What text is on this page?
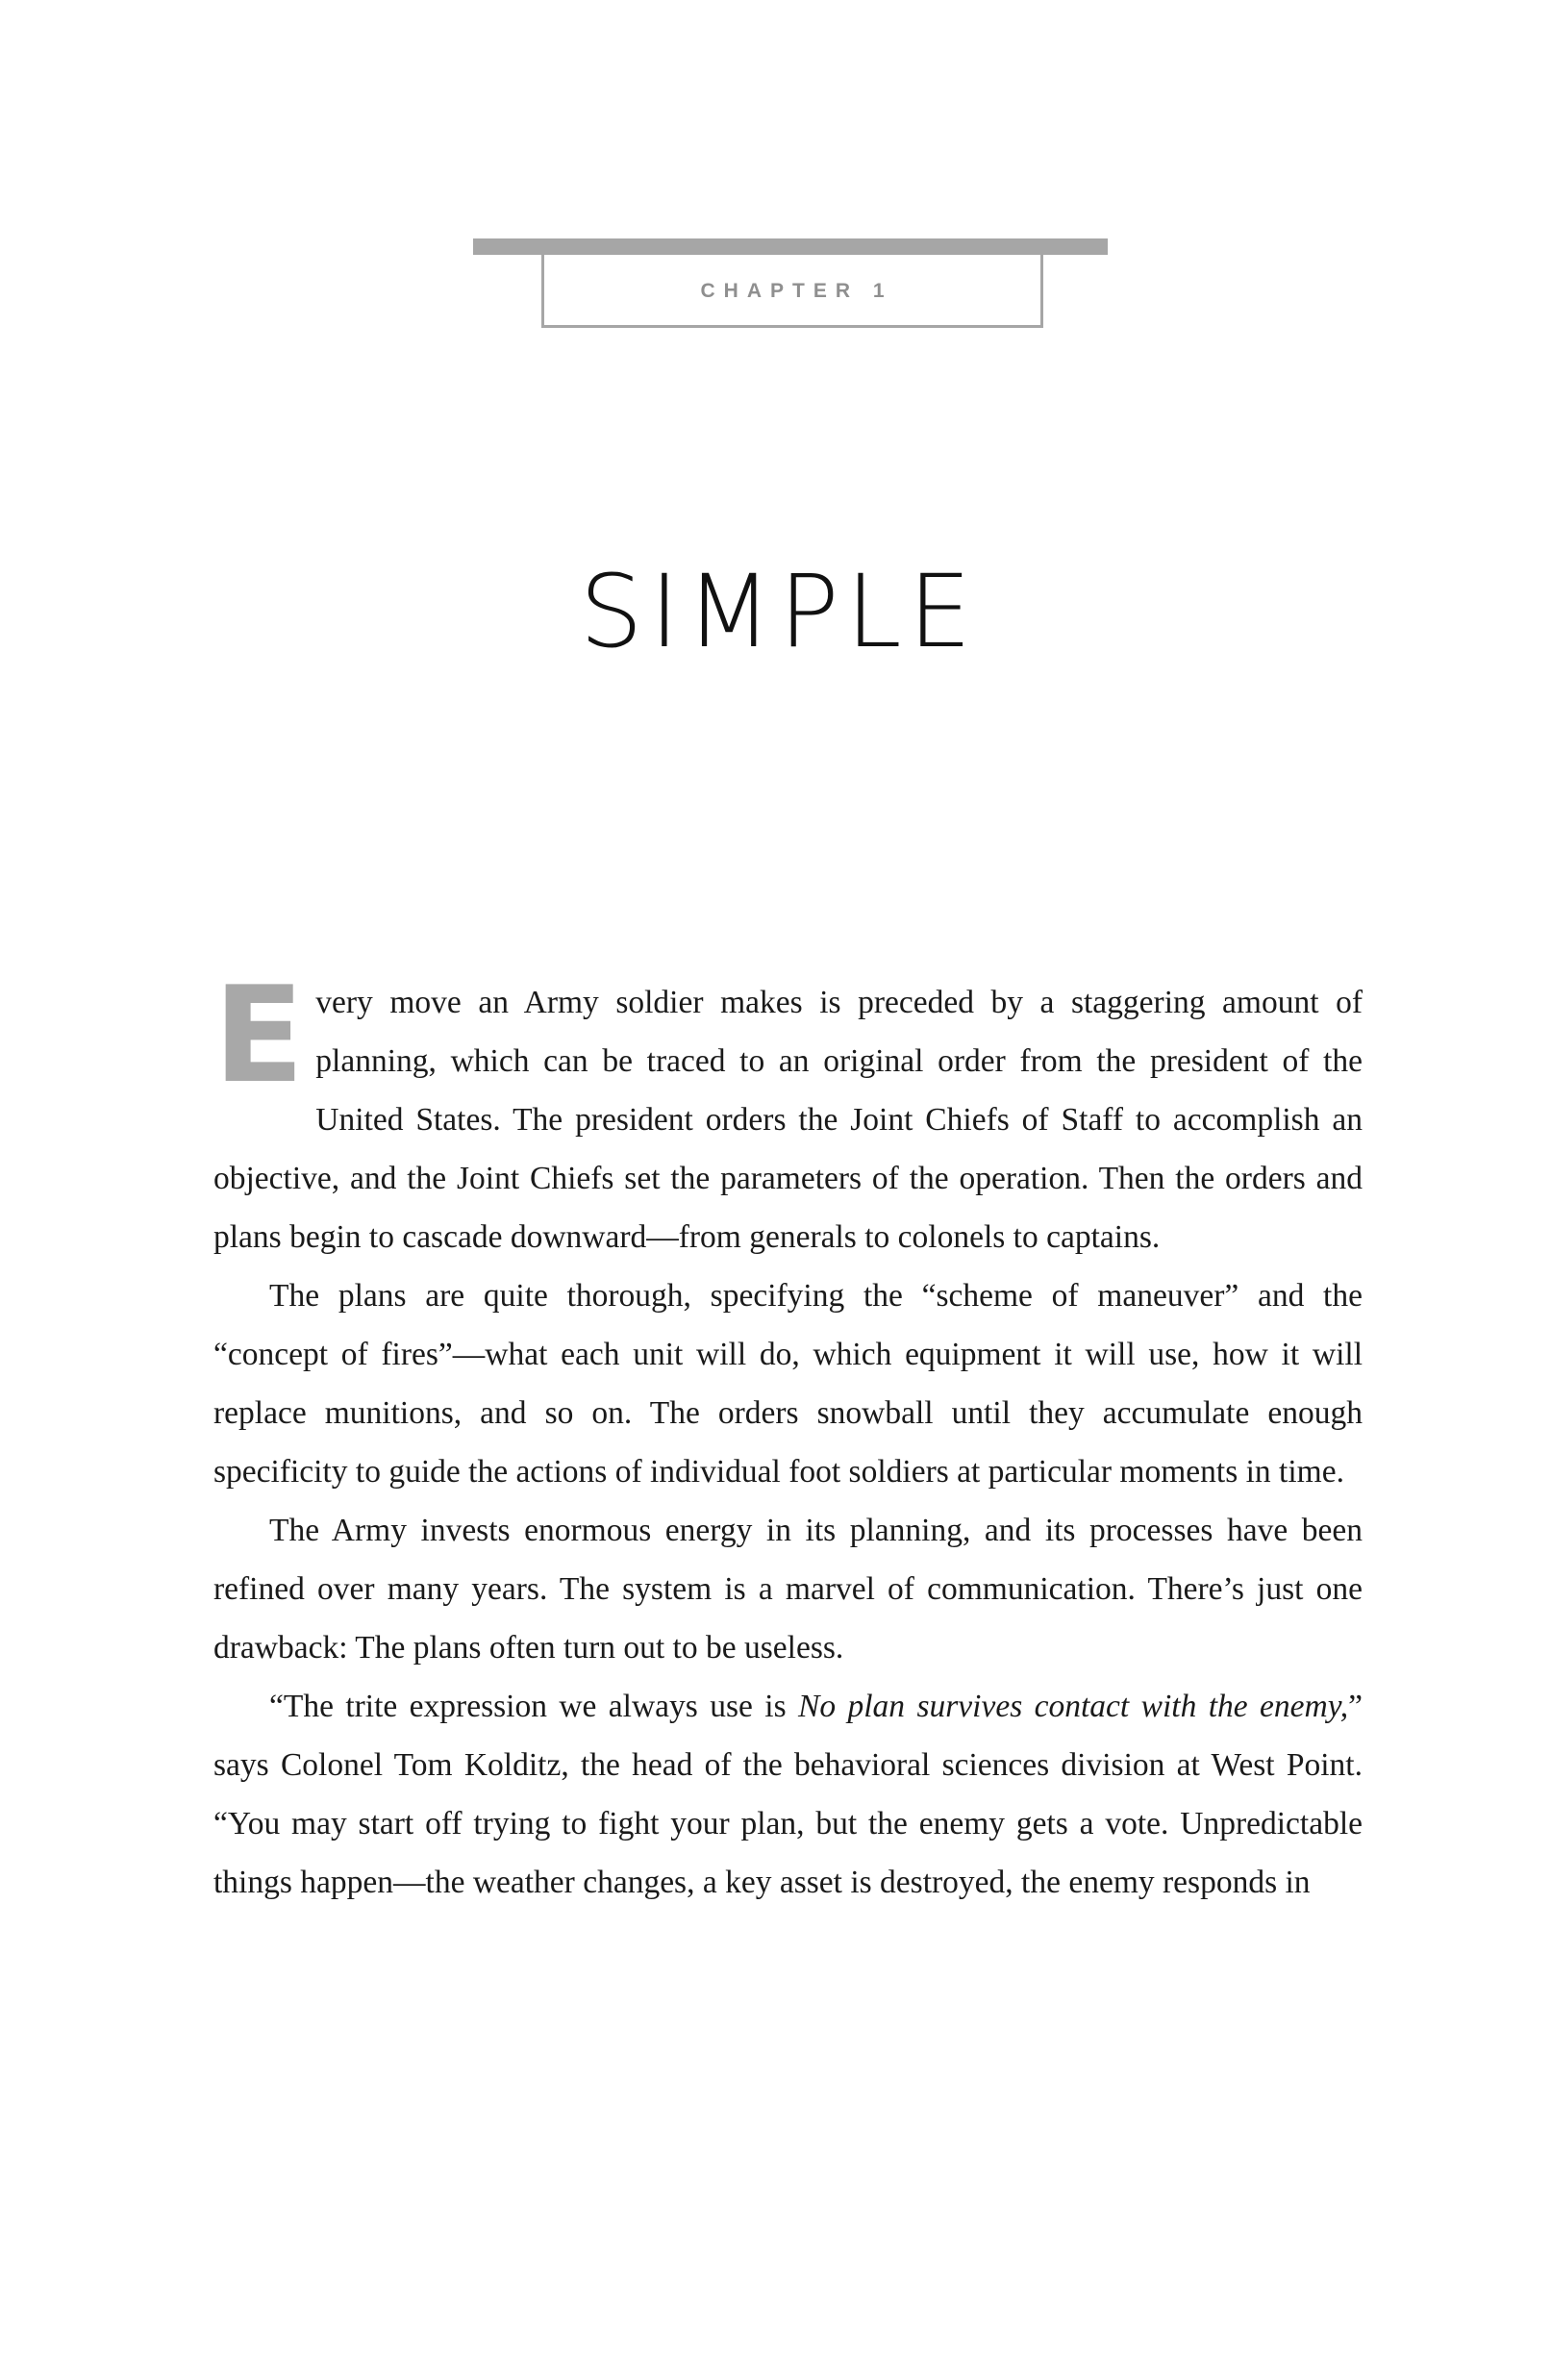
CHAPTER 1
SIMPLE

Every move an Army soldier makes is preceded by a staggering amount of planning, which can be traced to an original order from the president of the United States. The president orders the Joint Chiefs of Staff to accomplish an objective, and the Joint Chiefs set the parameters of the operation. Then the orders and plans begin to cascade downward—from generals to colonels to captains.

The plans are quite thorough, specifying the “scheme of maneuver” and the “concept of fires”—what each unit will do, which equipment it will use, how it will replace munitions, and so on. The orders snowball until they accumulate enough specificity to guide the actions of individual foot soldiers at particular moments in time.

The Army invests enormous energy in its planning, and its processes have been refined over many years. The system is a marvel of communication. There’s just one drawback: The plans often turn out to be useless.

“The trite expression we always use is No plan survives contact with the enemy,” says Colonel Tom Kolditz, the head of the behavioral sciences division at West Point. “You may start off trying to fight your plan, but the enemy gets a vote. Unpredictable things happen—the weather changes, a key asset is destroyed, the enemy responds in
